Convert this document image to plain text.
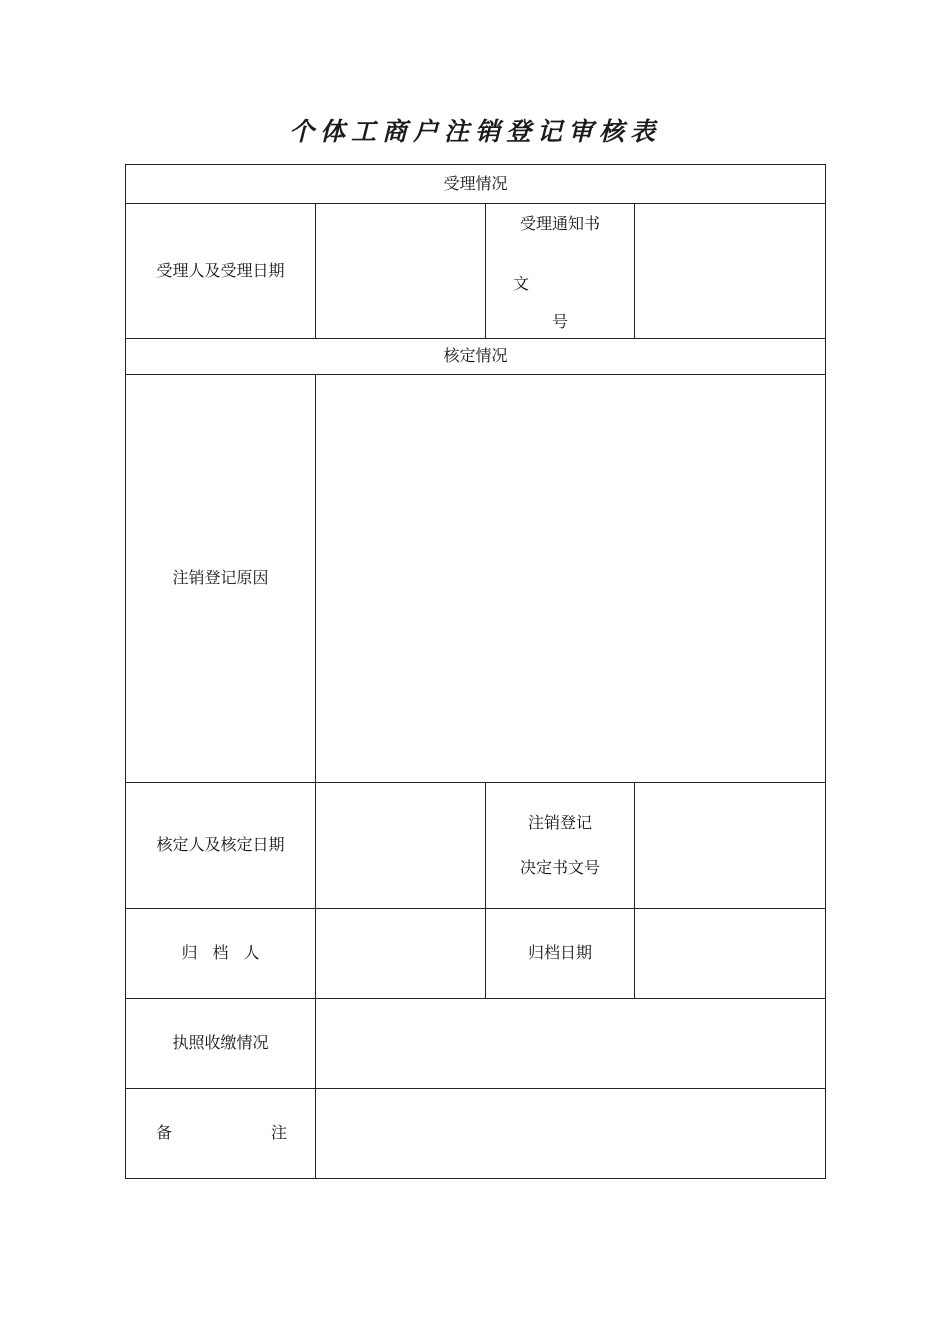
个体工商户注销登记审核表
受理情况			
受理人及受理日期		受理通知书
文
号	

核定情况			
注销登记原因			
核定人及核定日期		注销登记
决定书文号	

归 档 人		归档日期	
执照收缴情况			

备 注			
